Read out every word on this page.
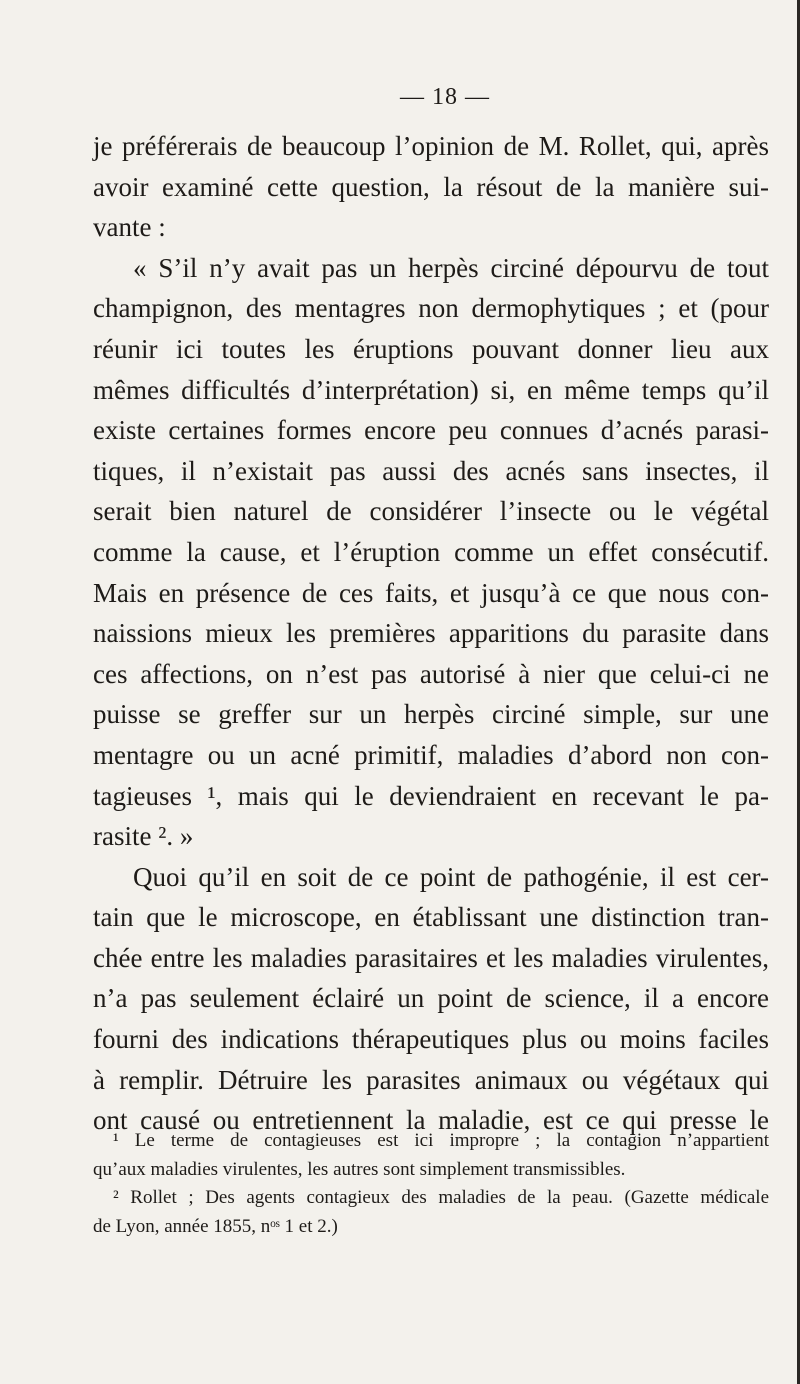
— 18 —
je préférerais de beaucoup l’opinion de M. Rollet, qui, après
avoir examiné cette question, la résout de la manière sui-
vante :
« S’il n’y avait pas un herpès circiné dépourvu de tout
champignon, des mentagres non dermophytiques ; et (pour
réunir ici toutes les éruptions pouvant donner lieu aux
mêmes difficultés d’interprétation) si, en même temps qu’il
existe certaines formes encore peu connues d’acnés parasi-
tiques, il n’existait pas aussi des acnés sans insectes, il
serait bien naturel de considérer l’insecte ou le végétal
comme la cause, et l’éruption comme un effet consécutif.
Mais en présence de ces faits, et jusqu’à ce que nous con-
naissions mieux les premières apparitions du parasite dans
ces affections, on n’est pas autorisé à nier que celui-ci ne
puisse se greffer sur un herpès circiné simple, sur une
mentagre ou un acné primitif, maladies d’abord non con-
tagieuses ¹, mais qui le deviendraient en recevant le pa-
rasite ². »
Quoi qu’il en soit de ce point de pathogénie, il est cer-
tain que le microscope, en établissant une distinction tran-
chée entre les maladies parasitaires et les maladies virulentes,
n’a pas seulement éclairé un point de science, il a encore
fourni des indications thérapeutiques plus ou moins faciles
à remplir. Détruire les parasites animaux ou végétaux qui
ont causé ou entretiennent la maladie, est ce qui presse le
¹ Le terme de contagieuses est ici impropre ; la contagion n’appartient
qu’aux maladies virulentes, les autres sont simplement transmissibles.
² Rollet ; Des agents contagieux des maladies de la peau. (Gazette médicale
de Lyon, année 1855, nᵒˢ 1 et 2.)
